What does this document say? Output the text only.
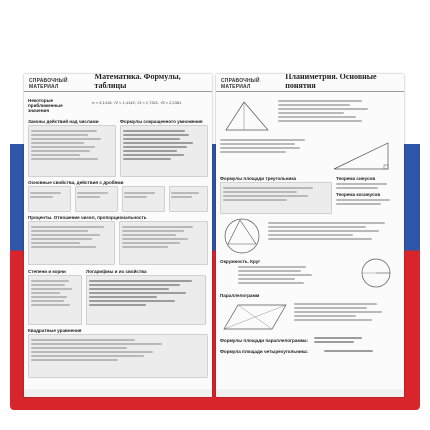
СПРАВОЧНЫЙ МАТЕРИАЛ
Математика. Формулы, таблицы
Некоторые приближенные значения
π ≈ 3,1416; √2 ≈ 1,4142; √3 ≈ 1,7321; √5 ≈ 2,2361
Законы действий над числами	Формулы сокращенного умножения
Основные свойства, действия с дробями
Проценты. Отношение чисел, пропорциональность
Степени и корни	Логарифмы и их свойства
Квадратные уравнения
СПРАВОЧНЫЙ МАТЕРИАЛ
Планиметрия. Основные понятия
Формулы площади треугольника	Теорема синусов
Теорема косинусов
Окружность. Круг
Параллелограмм
Формулы площади параллелограмма:
Формула площади четырехугольника:
